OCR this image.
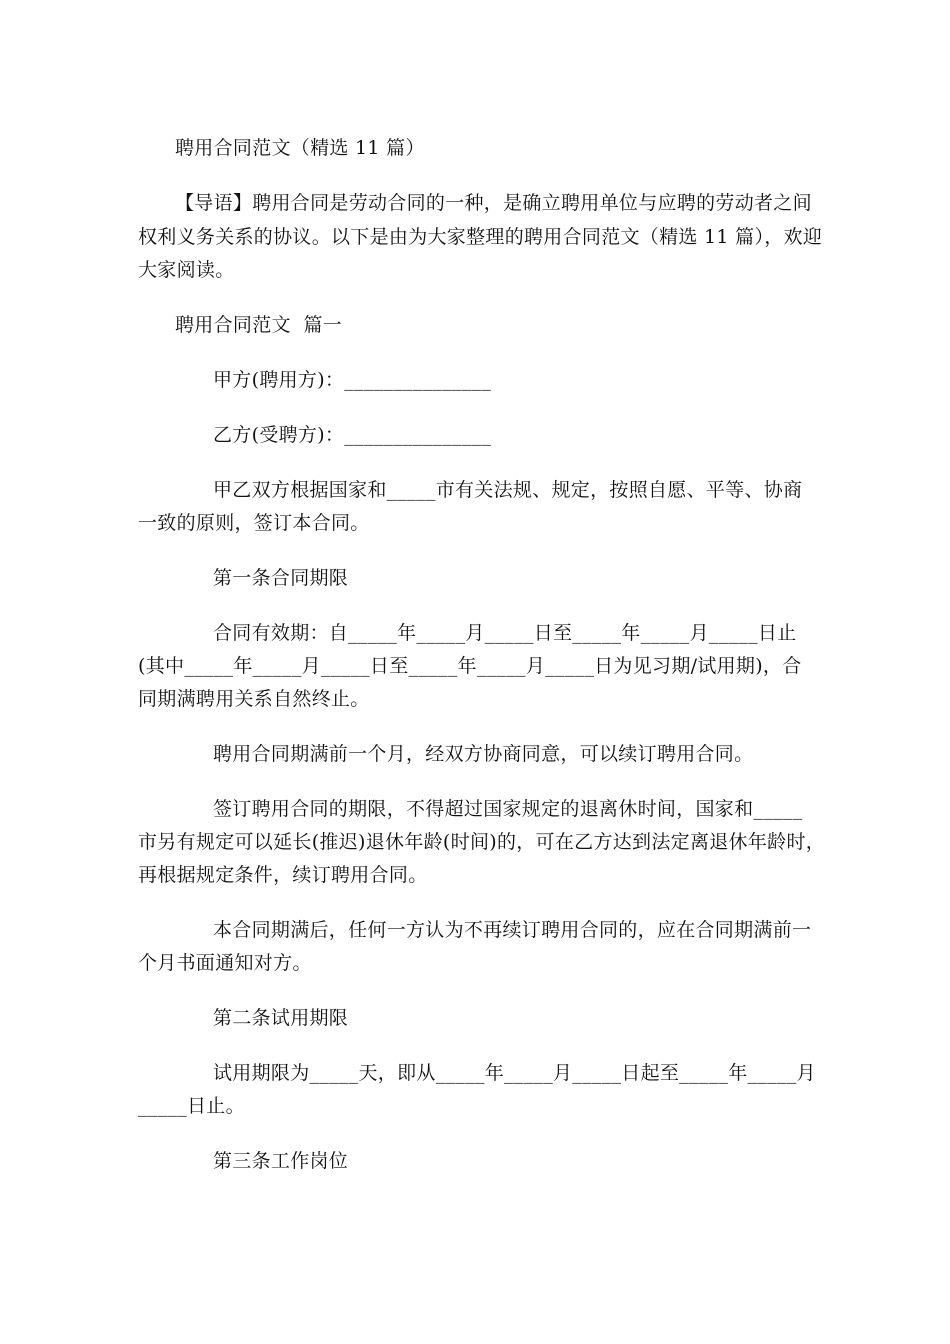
聘用合同范文（精选 11 篇）
【导语】聘用合同是劳动合同的一种，是确立聘用单位与应聘的劳动者之间
权利义务关系的协议。以下是由为大家整理的聘用合同范文（精选 11 篇），欢迎
大家阅读。
聘用合同范文  篇一
甲方(聘用方)：_______________
乙方(受聘方)：_______________
甲乙双方根据国家和_____市有关法规、规定，按照自愿、平等、协商
一致的原则，签订本合同。
第一条合同期限
合同有效期：自_____年_____月_____日至_____年_____月_____日止
(其中_____年_____月_____日至_____年_____月_____日为见习期/试用期)，合
同期满聘用关系自然终止。
聘用合同期满前一个月，经双方协商同意，可以续订聘用合同。
签订聘用合同的期限，不得超过国家规定的退离休时间，国家和_____
市另有规定可以延长(推迟)退休年龄(时间)的，可在乙方达到法定离退休年龄时，
再根据规定条件，续订聘用合同。
本合同期满后，任何一方认为不再续订聘用合同的，应在合同期满前一
个月书面通知对方。
第二条试用期限
试用期限为_____天，即从_____年_____月_____日起至_____年_____月
_____日止。
第三条工作岗位
